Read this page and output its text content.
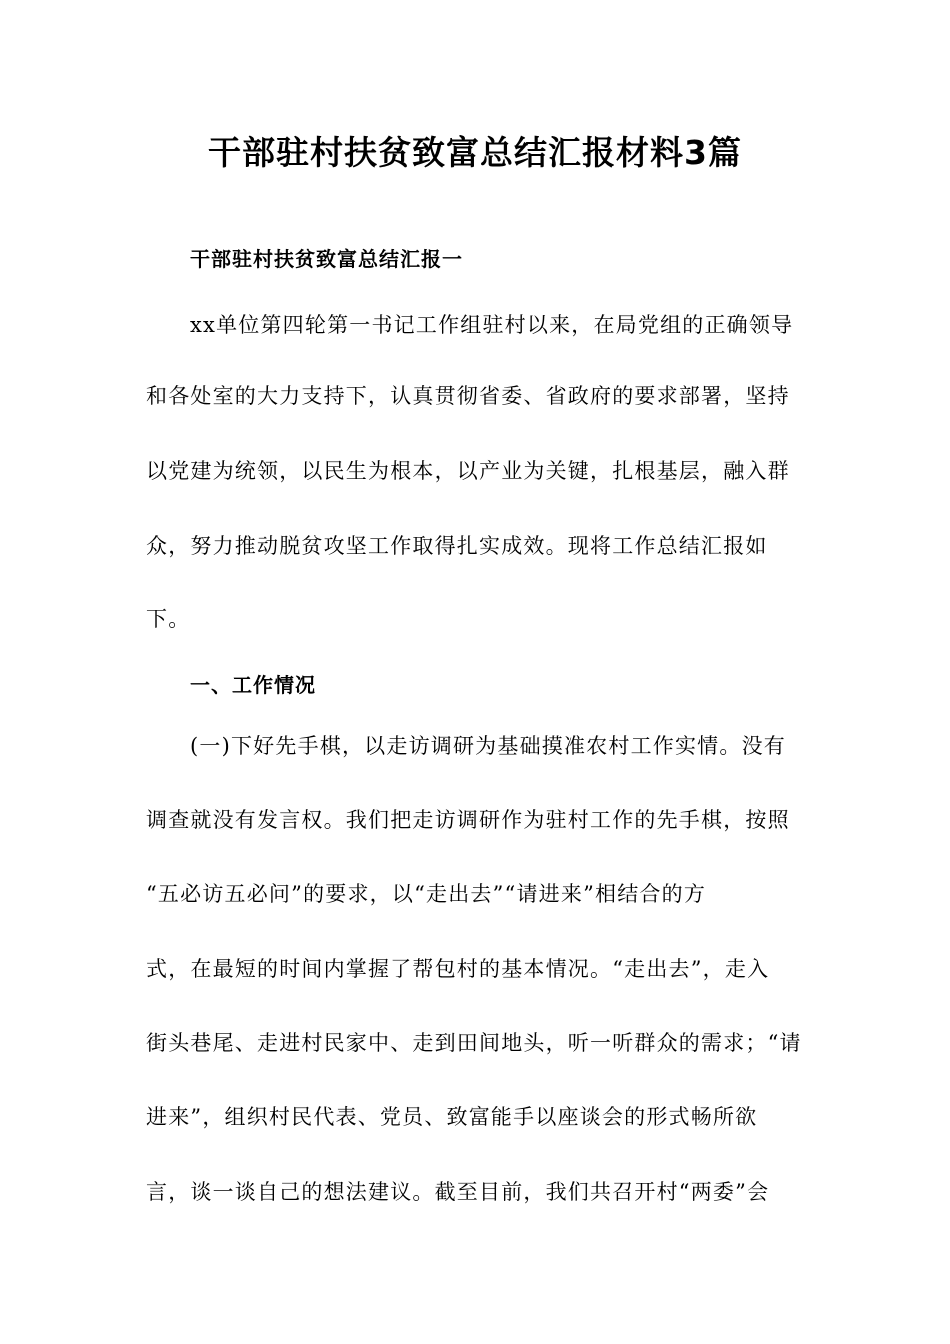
干部驻村扶贫致富总结汇报材料3篇
干部驻村扶贫致富总结汇报一
xx单位第四轮第一书记工作组驻村以来，在局党组的正确领导
和各处室的大力支持下，认真贯彻省委、省政府的要求部署，坚持
以党建为统领，以民生为根本，以产业为关键，扎根基层，融入群
众，努力推动脱贫攻坚工作取得扎实成效。现将工作总结汇报如
下。
一、工作情况
(一)下好先手棋，以走访调研为基础摸准农村工作实情。没有
调查就没有发言权。我们把走访调研作为驻村工作的先手棋，按照
“五必访五必问”的要求，以“走出去”“请进来”相结合的方
式，在最短的时间内掌握了帮包村的基本情况。“走出去”，走入
街头巷尾、走进村民家中、走到田间地头，听一听群众的需求；“请
进来”，组织村民代表、党员、致富能手以座谈会的形式畅所欲
言，谈一谈自己的想法建议。截至目前，我们共召开村“两委”会
